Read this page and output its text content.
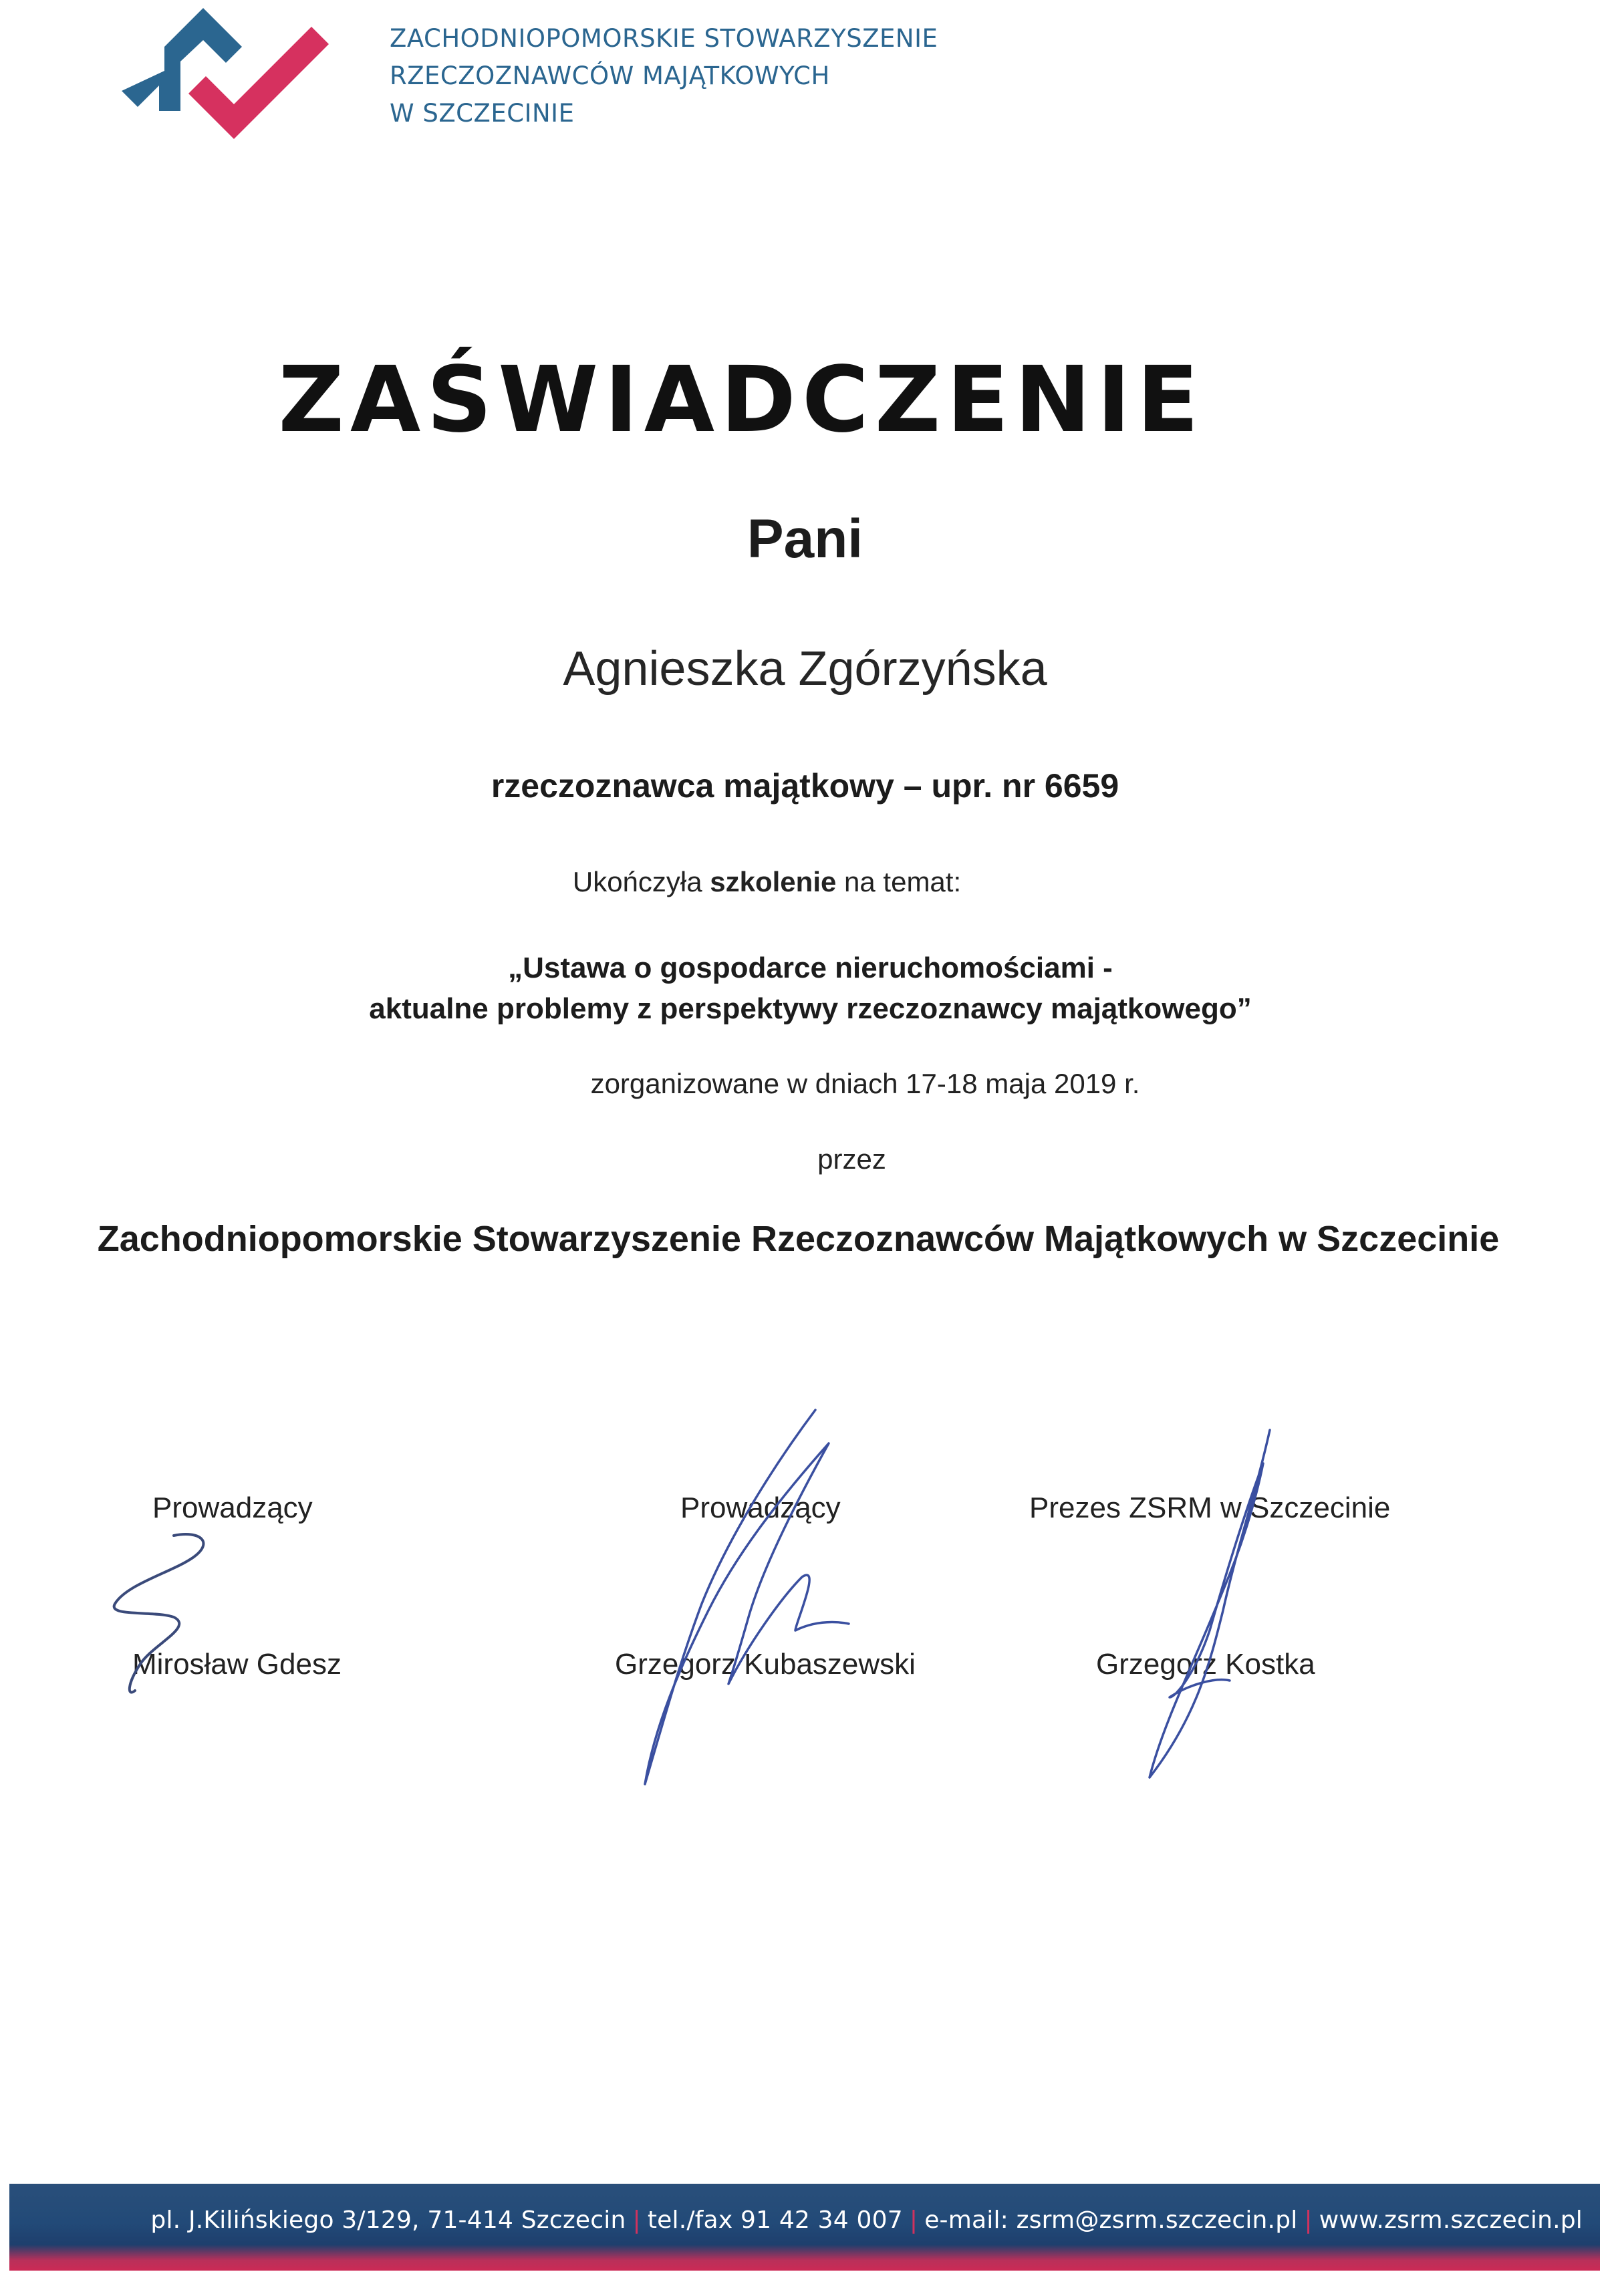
ZACHODNIOPOMORSKIE STOWARZYSZENIE
RZECZOZNAWCÓW MAJĄTKOWYCH
W SZCZECINIE
ZAŚWIADCZENIE
Pani
Agnieszka Zgórzyńska
rzeczoznawca majątkowy – upr. nr 6659
Ukończyła szkolenie na temat:
„Ustawa o gospodarce nieruchomościami -
aktualne problemy z perspektywy rzeczoznawcy majątkowego”
zorganizowane w dniach 17-18 maja 2019 r.
przez
Zachodniopomorskie Stowarzyszenie Rzeczoznawców Majątkowych w Szczecinie
Prowadzący
Mirosław Gdesz
Prowadzący
Grzegorz Kubaszewski
Prezes ZSRM w Szczecinie
Grzegorz Kostka
pl. J.Kilińskiego 3/129, 71-414 Szczecin | tel./fax 91 42 34 007 | e-mail: zsrm@zsrm.szczecin.pl | www.zsrm.szczecin.pl
